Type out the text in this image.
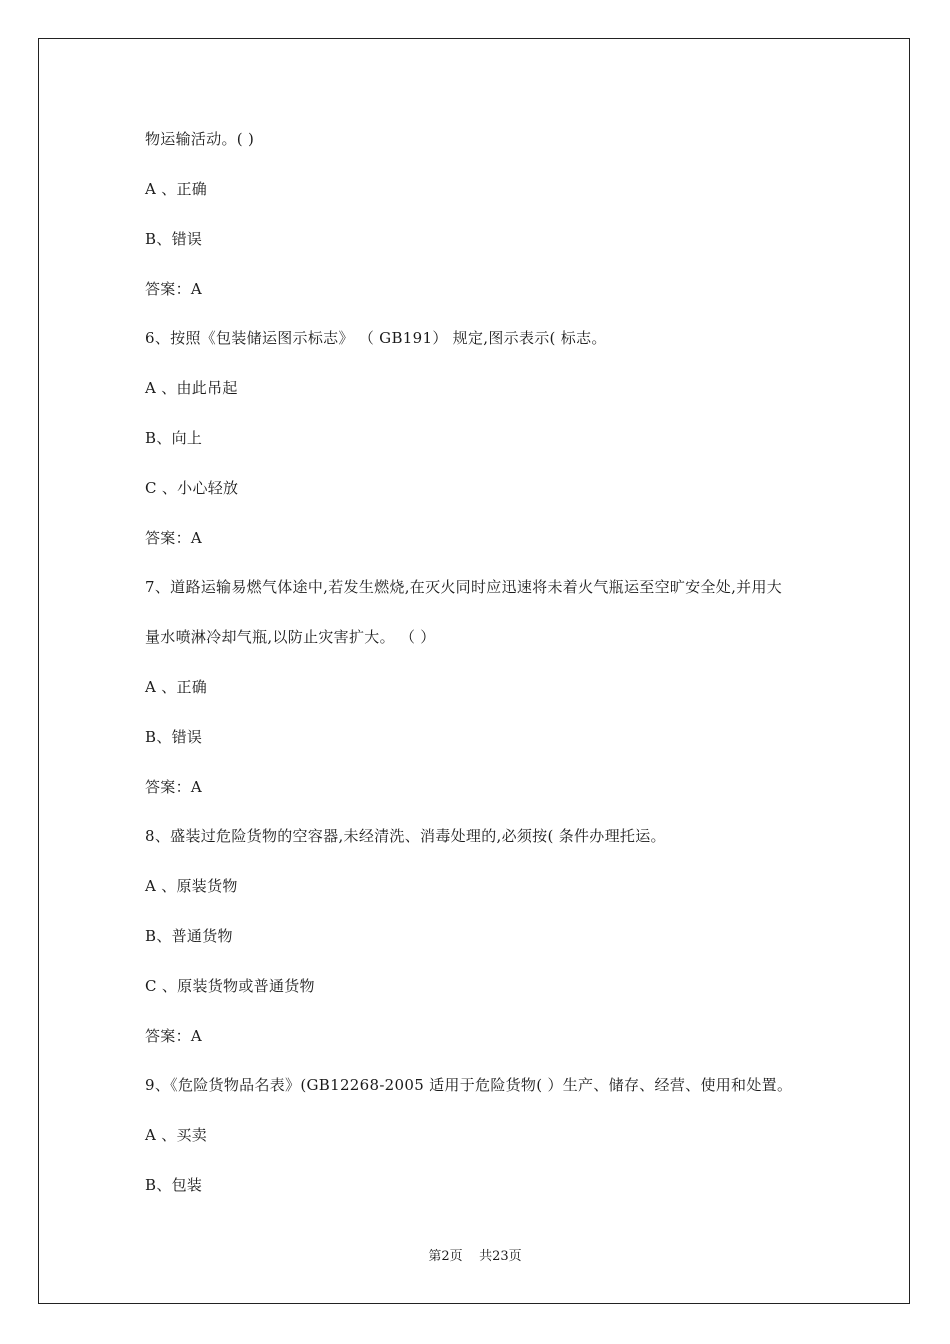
物运输活动。( )
A 、正确
B、错误
答案：A
6、按照《包装储运图示标志》 （ GB191） 规定,图示表示( 标志。
A 、由此吊起
B、向上
C 、小心轻放
答案：A
7、道路运输易燃气体途中,若发生燃烧,在灭火同时应迅速将未着火气瓶运至空旷安全处,并用大
量水喷淋冷却气瓶,以防止灾害扩大。 （ ）
A 、正确
B、错误
答案：A
8、盛装过危险货物的空容器,未经清洗、消毒处理的,必须按( 条件办理托运。
A 、原装货物
B、普通货物
C 、原装货物或普通货物
答案：A
9、《危险货物品名表》(GB12268-2005 适用于危险货物( ）生产、储存、经营、使用和处置。
A 、买卖
B、包装
第2页    共23页
